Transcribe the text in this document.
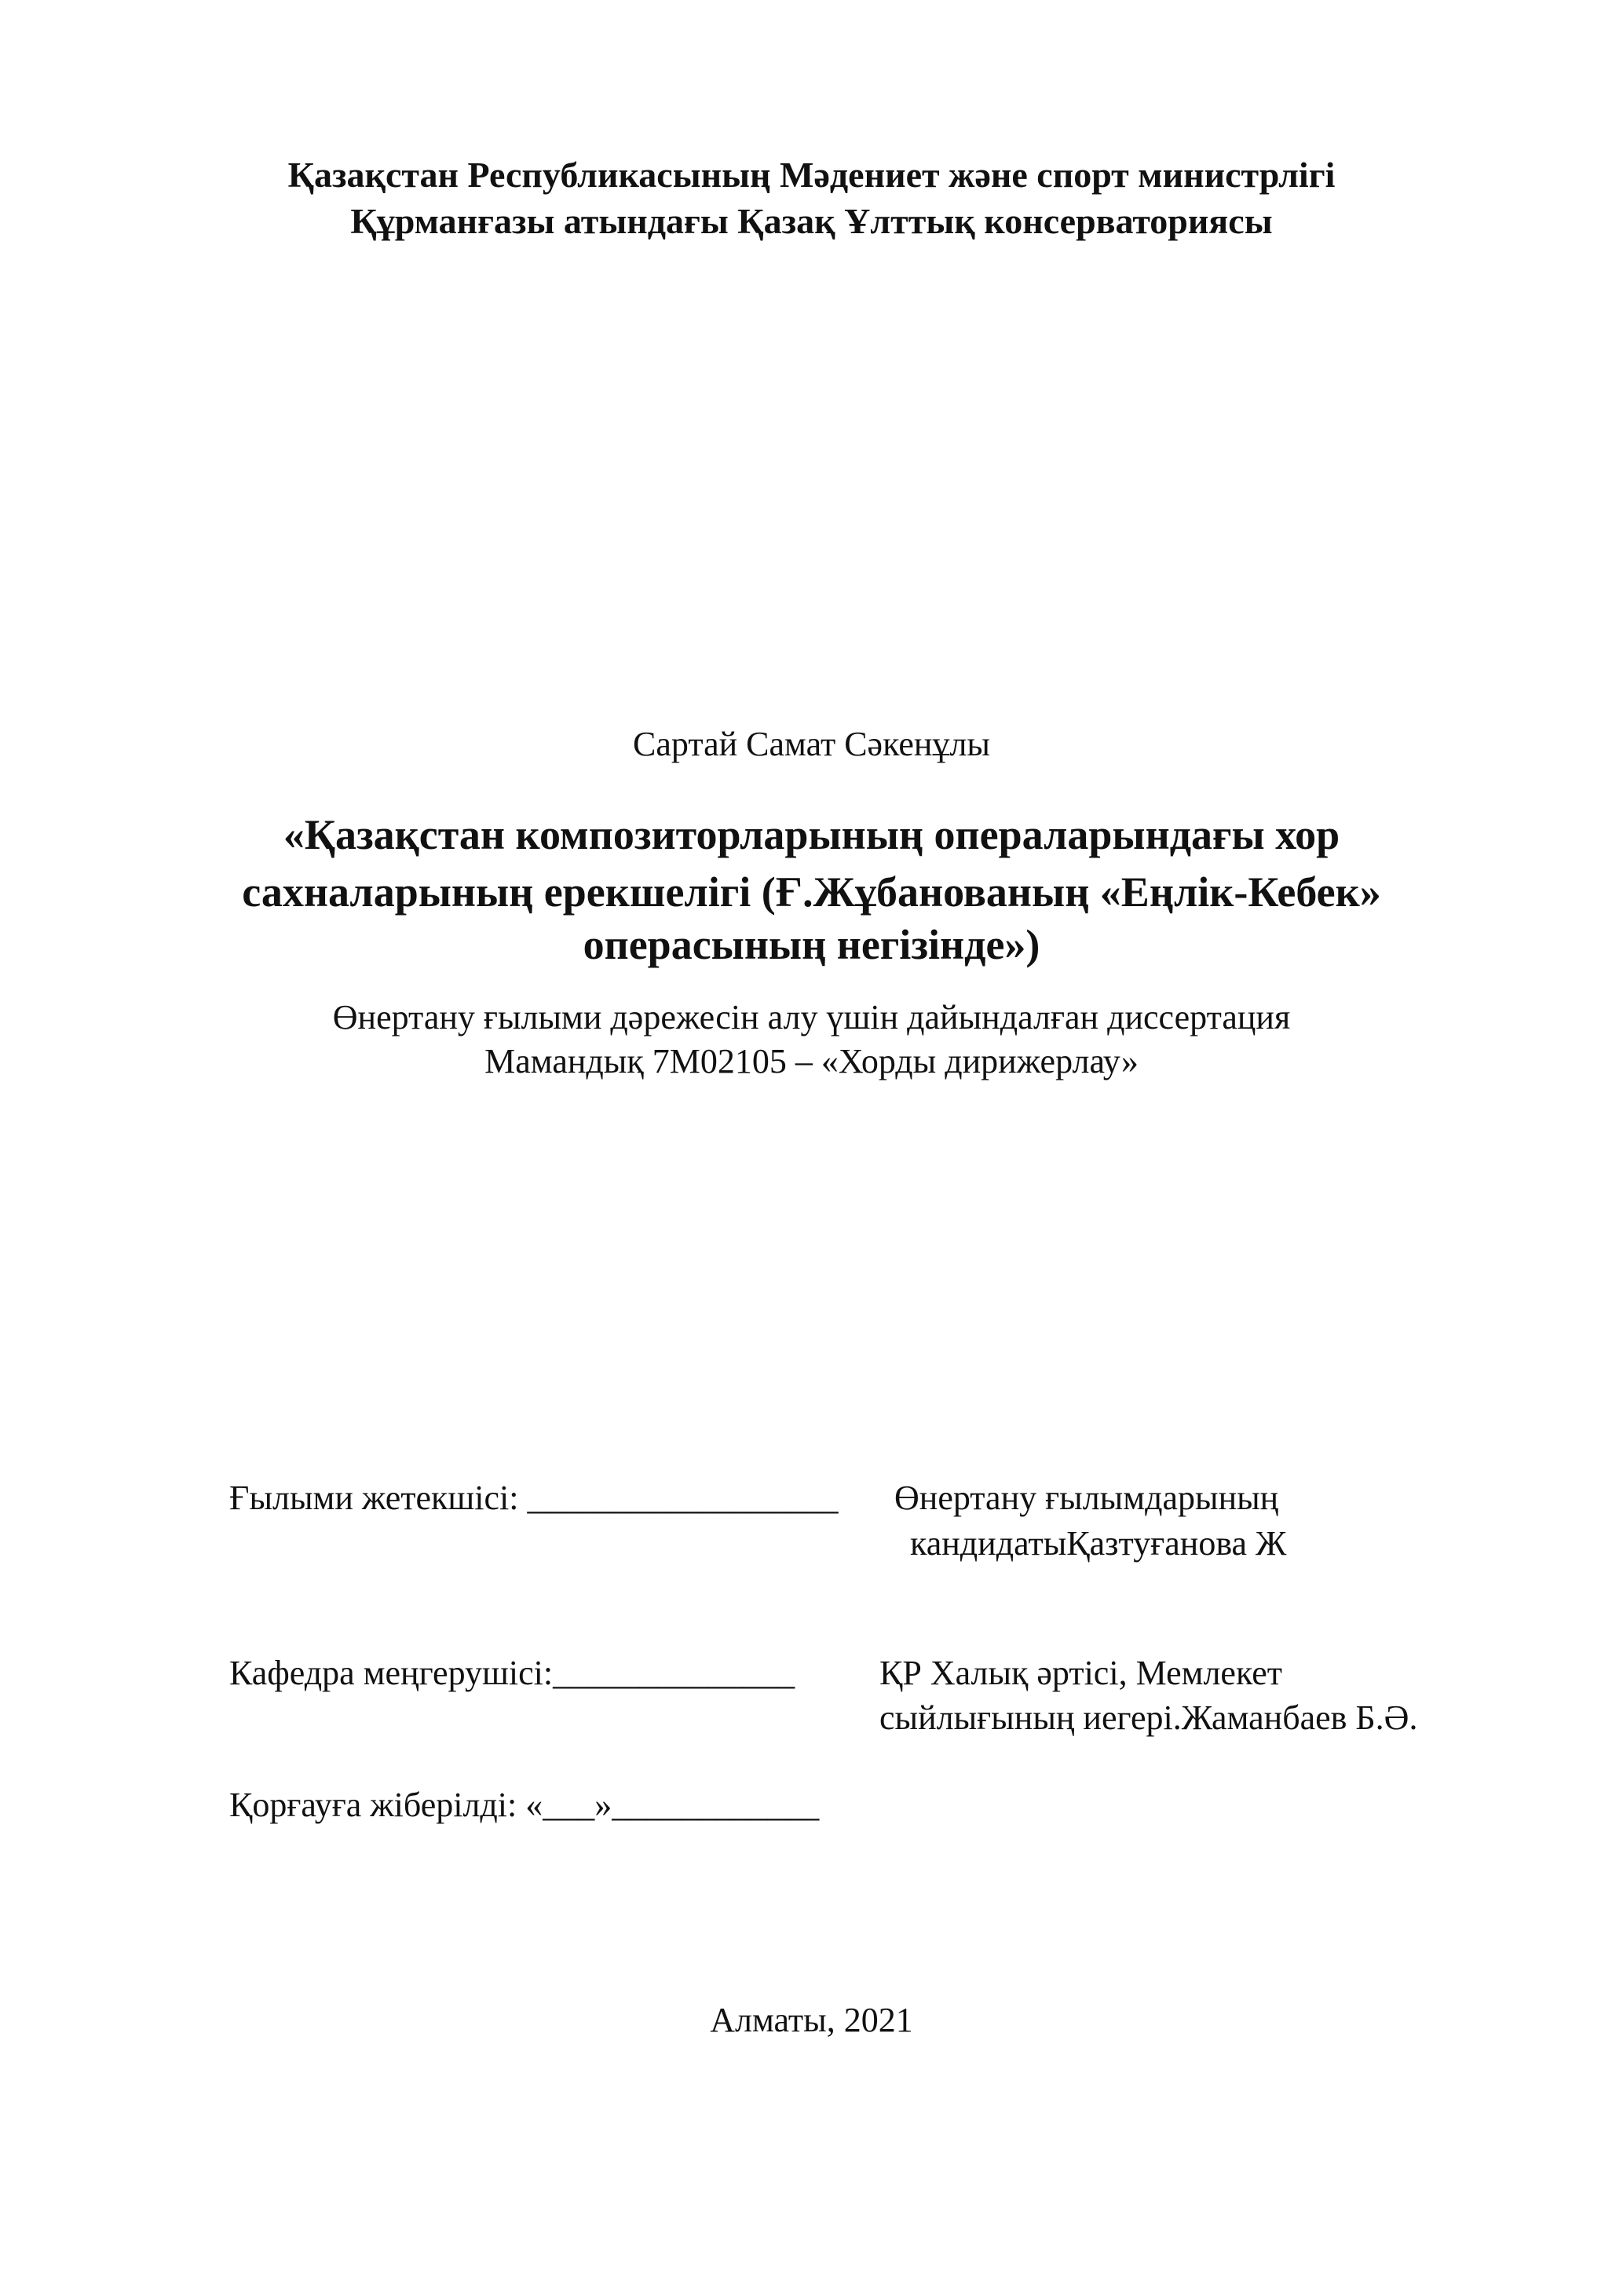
Қазақстан Республикасының Мәдениет және спорт министрлігі
Құрманғазы атындағы Қазақ Ұлттық консерваториясы
Сартай Самат Сәкенұлы
«Қазақстан композиторларының операларындағы хор
сахналарының ерекшелігі (Ғ.Жұбанованың «Еңлік-Кебек»
операсының негізінде»)
Өнертану ғылыми дәрежесін алу үшін дайындалған диссертация
Мамандық 7M02105 – «Хорды дирижерлау»
Ғылыми жетекшісі: __________________ Өнертану ғылымдарының
кандидатыҚазтуғанова Ж
Кафедра меңгерушісі:______________ ҚР Халық әртісі, Мемлекет
сыйлығының иегері.Жаманбаев Б.Ә.
Қорғауға жіберілді: «___»____________
Алматы, 2021
